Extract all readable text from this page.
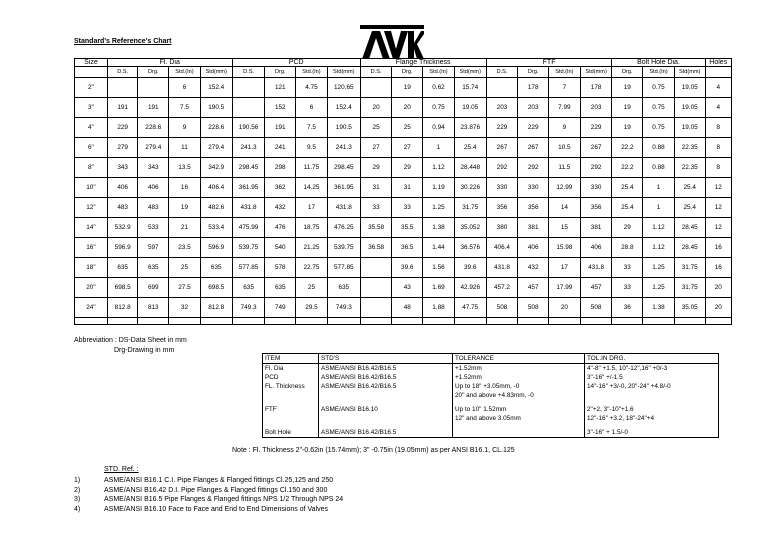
Standard's Reference's Chart
Size	Fl. Dia				PCD				Flange Thickness				FTF				Bolt Hole Dia.			Holes
	D.S.	Drg.	Std.(In)	Std(mm)	D.S.	Drg.	Std.(In)	Std(mm)	D.S.	Drg.	Std.(In)	Std(mm)	D.S.	Drg.	Std.(In)	Std(mm)	Drg.	Std.(In)	Std(mm)	
2"			6	152.4		121	4.75	120.65		19	0.62	15.74		178	7	178	19	0.75	19.05	4
3"	191	191	7.5	190.5		152	6	152.4	20	20	0.75	19.05	203	203	7.99	203	19	0.75	19.05	4
4"	229	228.6	9	228.6	190.56	191	7.5	190.5	25	25	0.94	23.876	229	229	9	229	19	0.75	19.05	8
6"	279	279.4	11	279.4	241.3	241	9.5	241.3	27	27	1	25.4	267	267	10.5	267	22.2	0.88	22.35	8
8"	343	343	13.5	342.9	298.45	298	11.75	298.45	29	29	1.12	28.448	292	292	11.5	292	22.2	0.88	22.35	8
10"	406	406	16	406.4	361.95	362	14.25	361.95	31	31	1.19	30.226	330	330	12.99	330	25.4	1	25.4	12
12"	483	483	19	482.6	431.8	432	17	431.8	33	33	1.25	31.75	356	356	14	356	25.4	1	25.4	12
14"	532.9	533	21	533.4	475.99	476	18.75	476.25	35.58	35.5	1.38	35.052	380	381	15	381	29	1.12	28.45	12
16"	596.9	597	23.5	596.9	539.75	540	21.25	539.75	36.58	36.5	1.44	36.576	406.4	406	15.98	406	28.8	1.12	28.45	16
18"	635	635	25	635	577.85	578	22.75	577.85		39.6	1.56	39.6	431.8	432	17	431.8	33	1.25	31.75	16
20"	698.5	699	27.5	698.5	635	635	25	635		43	1.69	42.926	457.2	457	17.99	457	33	1.25	31.75	20
24"	812.8	813	32	812.8	749.3	749	29.5	749.3		48	1.88	47.75	508	508	20	508	36	1.38	35.05	20

Abbreviation : DS-Data Sheet in mm
Drg-Drawing in mm
ITEM	STD'S	TOLERANCE	TOL.IN DRG.
Fl. Dia	ASME/ANSI B16.42/B16.5	+1.52mm	4"-8" +1.5, 10"-12",16" +0/-3
PCD	ASME/ANSI B16.42/B16.5	+1.52mm	3"-16" +/-1.5
FL. Thickness	ASME/ANSI B16.42/B16.5	Up to 18" +3.05mm, -0	14"-16" +3/-0, 20"-24" +4.8/-0
		20" and above +4.83mm, -0	
FTF	ASME/ANSI B16.10	Up to 10" 1.52mm	2"+2, 3"-10"+1.6
		12" and above 3.05mm	12"-16" +3.2, 18"-24"+4
Bolt Hole	ASME/ANSI B16.42/B16.5		3"-16" + 1.5/-0
Note : Fl. Thickness 2"-0.62in (15.74mm); 3" -0.75in (19.05mm) as per ANSI B16.1, CL.125
STD. Ref. :
1)	ASME/ANSI B16.1 C.I. Pipe Flanges & Flanged fittings Cl.25,125 and 250
2)	ASME/ANSI B16.42 D.I. Pipe Flanges & Flanged fittings Cl.150 and 300
3)	ASME/ANSI B16.5 Pipe Flanges & Flanged fittings NPS 1/2 Through NPS 24
4)	ASME/ANSI B16.10 Face to Face and End to End Dimensions of Valves
